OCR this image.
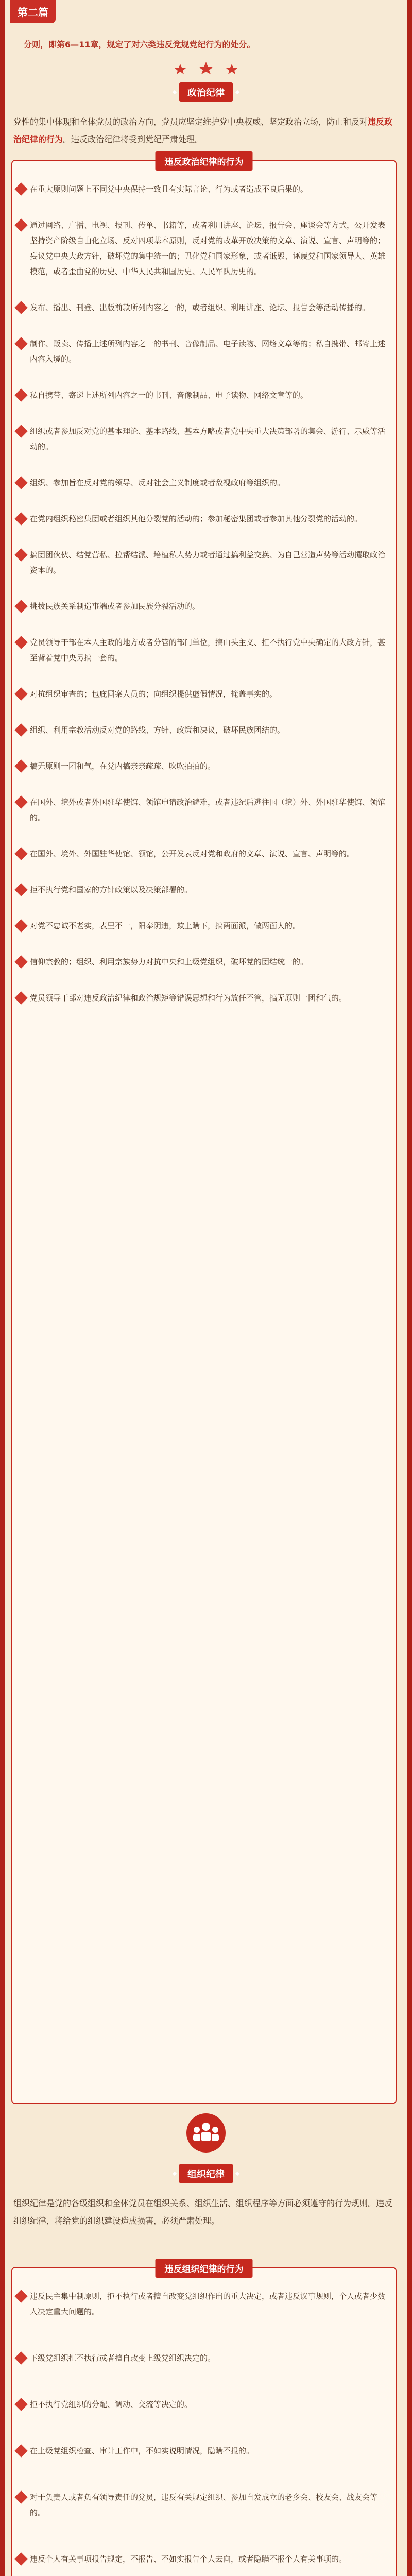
第二篇
分则，即第6—11章，规定了对六类违反党规党纪行为的处分。
政治纪律
党性的集中体现和全体党员的政治方向，党员应坚定维护党中央权威、坚定政治立场，防止和反对违反政治纪律的行为。违反政治纪律将受到党纪严肃处理。
违反政治纪律的行为
在重大原则问题上不同党中央保持一致且有实际言论、行为或者造成不良后果的。
通过网络、广播、电视、报刊、传单、书籍等，或者利用讲座、论坛、报告会、座谈会等方式，公开发表坚持资产阶级自由化立场、反对四项基本原则，反对党的改革开放决策的文章、演说、宣言、声明等的；妄议党中央大政方针，破坏党的集中统一的；丑化党和国家形象，或者诋毁、诬蔑党和国家领导人、英雄模范，或者歪曲党的历史、中华人民共和国历史、人民军队历史的。
发布、播出、刊登、出版前款所列内容之一的，或者组织、利用讲座、论坛、报告会等活动传播的。
制作、贩卖、传播上述所列内容之一的书刊、音像制品、电子读物、网络文章等的；私自携带、邮寄上述内容入境的。
私自携带、寄递上述所列内容之一的书刊、音像制品、电子读物、网络文章等的。
组织或者参加反对党的基本理论、基本路线、基本方略或者党中央重大决策部署的集会、游行、示威等活动的。
组织、参加旨在反对党的领导、反对社会主义制度或者敌视政府等组织的。
在党内组织秘密集团或者组织其他分裂党的活动的；参加秘密集团或者参加其他分裂党的活动的。
搞团团伙伙、结党营私、拉帮结派、培植私人势力或者通过搞利益交换、为自己营造声势等活动攫取政治资本的。
挑拨民族关系制造事端或者参加民族分裂活动的。
党员领导干部在本人主政的地方或者分管的部门单位，搞山头主义、拒不执行党中央确定的大政方针，甚至背着党中央另搞一套的。
对抗组织审查的；包庇同案人员的；向组织提供虚假情况，掩盖事实的。
组织、利用宗教活动反对党的路线、方针、政策和决议，破坏民族团结的。
搞无原则一团和气，在党内搞亲亲疏疏、吹吹拍拍的。
在国外、境外或者外国驻华使馆、领馆申请政治避难，或者违纪后逃往国（境）外、外国驻华使馆、领馆的。
在国外、境外、外国驻华使馆、领馆，公开发表反对党和政府的文章、演说、宣言、声明等的。
拒不执行党和国家的方针政策以及决策部署的。
对党不忠诚不老实，表里不一，阳奉阴违，欺上瞒下，搞两面派，做两面人的。
信仰宗教的；组织、利用宗族势力对抗中央和上级党组织，破坏党的团结统一的。
党员领导干部对违反政治纪律和政治规矩等错误思想和行为放任不管，搞无原则一团和气的。
组织纪律
组织纪律是党的各级组织和全体党员在组织关系、组织生活、组织程序等方面必须遵守的行为规则。违反组织纪律，将给党的组织建设造成损害，必须严肃处理。
违反组织纪律的行为
违反民主集中制原则，拒不执行或者擅自改变党组织作出的重大决定，或者违反议事规则，个人或者少数人决定重大问题的。
下级党组织拒不执行或者擅自改变上级党组织决定的。
拒不执行党组织的分配、调动、交流等决定的。
在上级党组织检查、审计工作中，不如实说明情况，隐瞒不报的。
对于负责人或者负有领导责任的党员，违反有关规定组织、参加自发成立的老乡会、校友会、战友会等的。
违反个人有关事项报告规定，不报告、不如实报告个人去向，或者隐瞒不报个人有关事项的。
